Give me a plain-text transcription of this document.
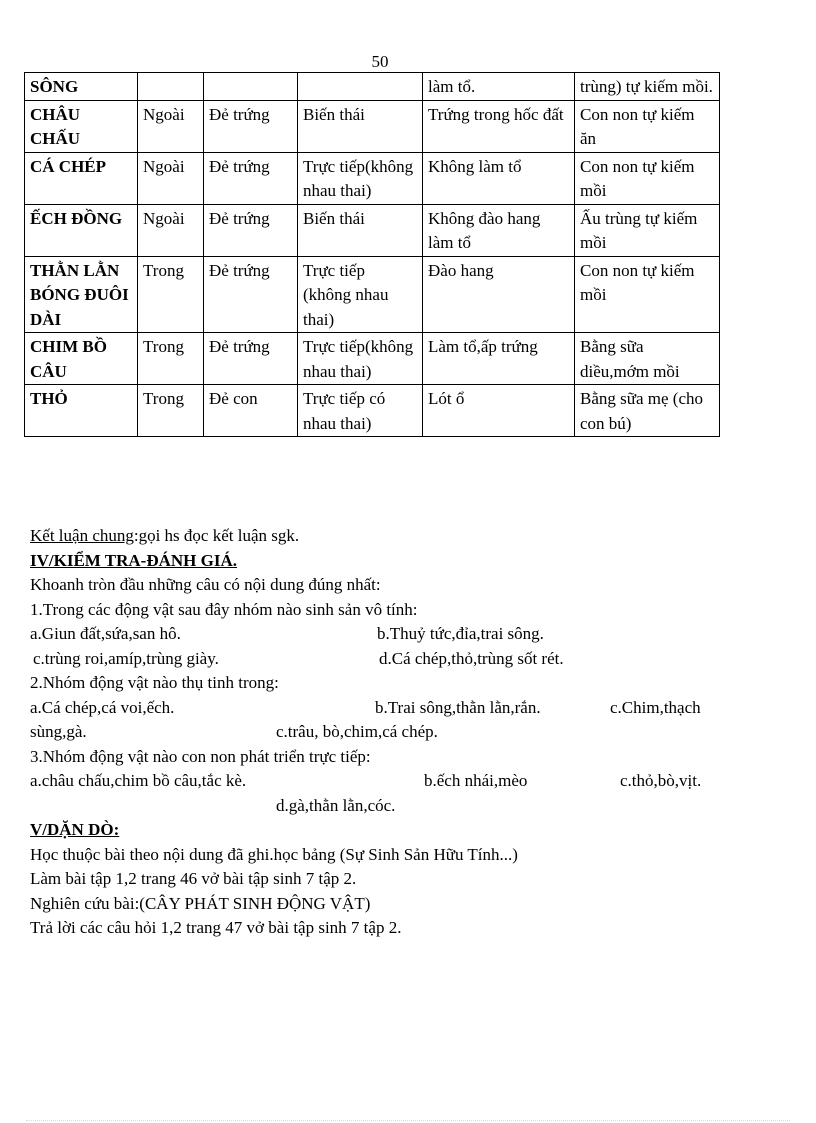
50
SÔNG				làm tổ.	trùng) tự kiếm mồi.
CHÂU CHẤU	Ngoài	Đẻ trứng	Biến thái	Trứng trong hốc đất	Con non tự kiếm ăn
CÁ CHÉP	Ngoài	Đẻ trứng	Trực tiếp(không nhau thai)	Không làm tổ	Con non tự kiếm mồi
ẾCH ĐỒNG	Ngoài	Đẻ trứng	Biến thái	Không đào hang làm tổ	Ấu trùng tự kiếm mồi
THẰN LẰN BÓNG ĐUÔI DÀI	Trong	Đẻ trứng	Trực tiếp (không nhau thai)	Đào hang	Con non tự kiếm mồi
CHIM BỒ CÂU	Trong	Đẻ trứng	Trực tiếp(không nhau thai)	Làm tổ,ấp trứng	Bằng sữa diều,mớm mồi
THỎ	Trong	Đẻ con	Trực tiếp có nhau thai)	Lót ổ	Bằng sữa mẹ (cho con bú)

Kết luận chung:gọi hs đọc kết luận sgk.

IV/KIỂM TRA-ĐÁNH GIÁ.

Khoanh tròn đầu những câu có nội dung đúng nhất:

1.Trong các động vật sau đây nhóm nào sinh sản vô tính:

a.Giun đất,sứa,san hô.	b.Thuỷ tức,đỉa,trai sông.
c.trùng roi,amíp,trùng giày.	d.Cá chép,thỏ,trùng sốt rét.

2.Nhóm động vật nào thụ tinh trong:

a.Cá chép,cá voi,ếch.	b.Trai sông,thằn lằn,rắn.	c.Chim,thạch
sùng,gà.	c.trâu, bò,chim,cá chép.

3.Nhóm động vật nào con non phát triển trực tiếp:

a.châu chấu,chim bồ câu,tắc kè.	b.ếch nhái,mèo	c.thỏ,bò,vịt.
d.gà,thằn lằn,cóc.

V/DẶN DÒ:

Học thuộc bài theo nội dung đã ghi.học bảng (Sự Sinh Sản Hữu Tính...)

Làm bài tập 1,2 trang 46 vở bài tập sinh 7 tập 2.

Nghiên cứu bài:(CÂY PHÁT SINH ĐỘNG VẬT)

Trả lời các câu hỏi 1,2 trang 47 vở bài tập sinh 7 tập 2.
